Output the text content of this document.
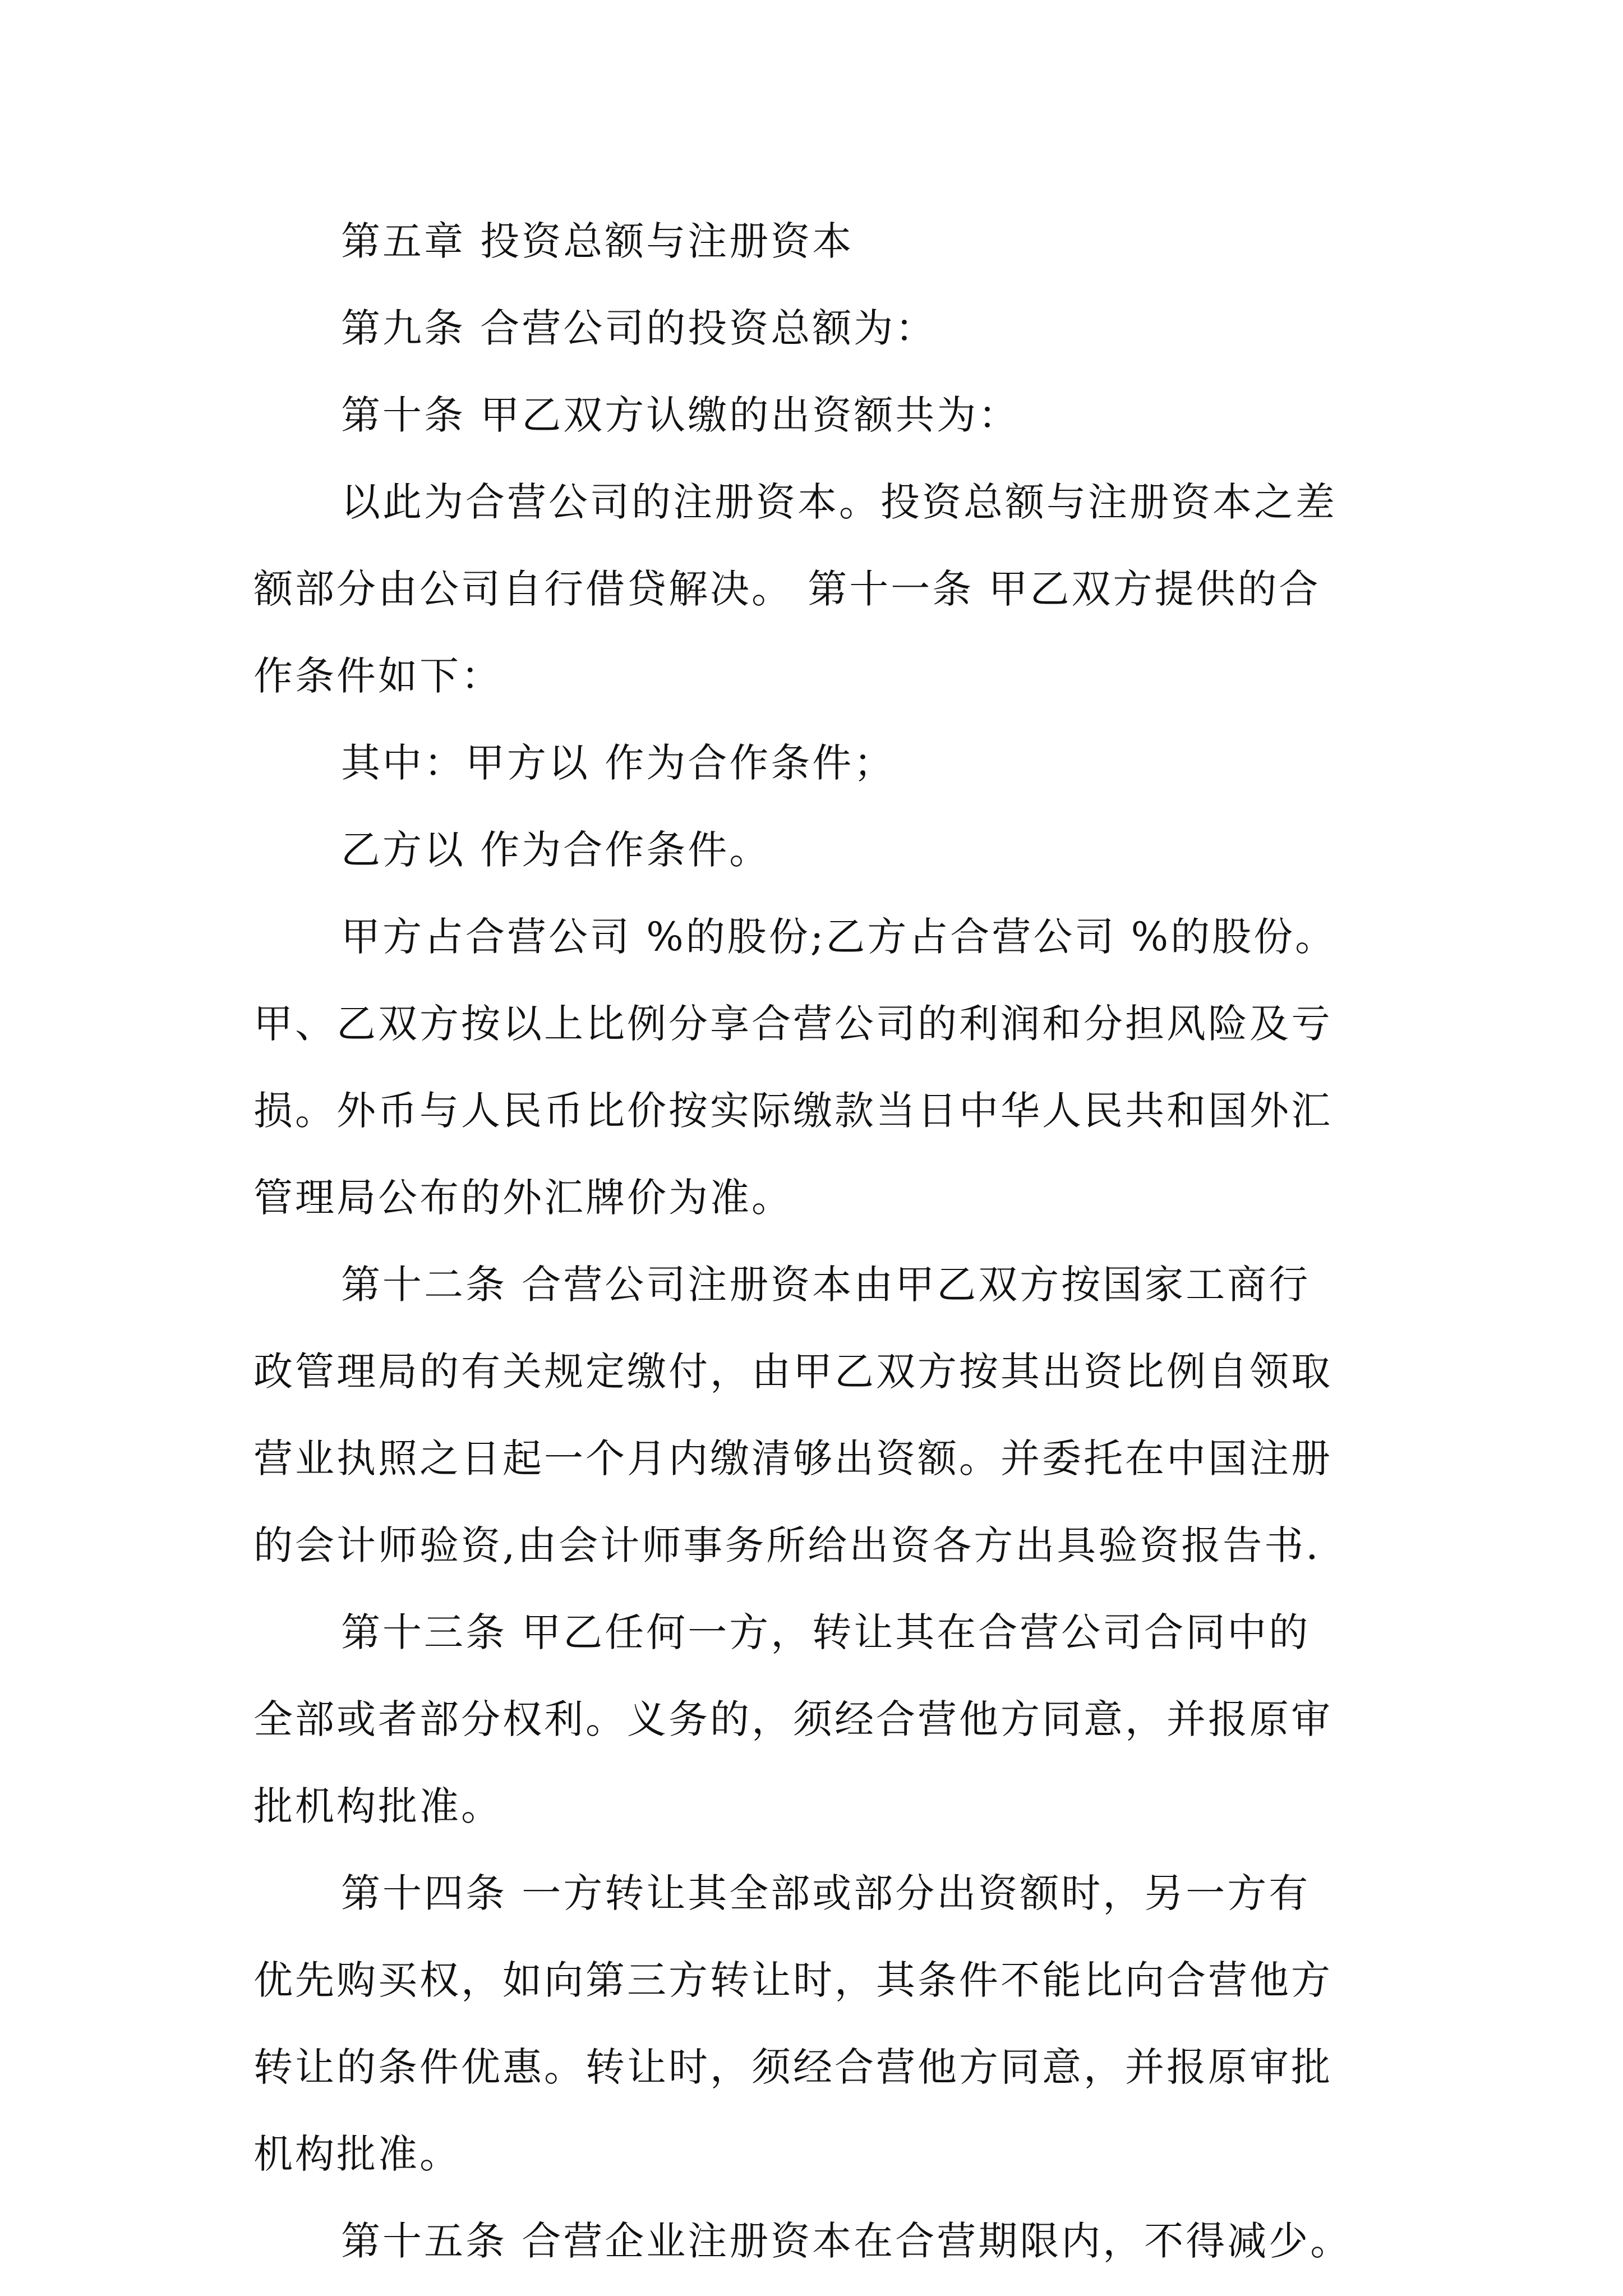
第五章 投资总额与注册资本
第九条 合营公司的投资总额为：
第十条 甲乙双方认缴的出资额共为：
以此为合营公司的注册资本。投资总额与注册资本之差
额部分由公司自行借贷解决。 第十一条 甲乙双方提供的合
作条件如下：
其中：甲方以 作为合作条件；
乙方以 作为合作条件。
甲方占合营公司 %的股份;乙方占合营公司 %的股份。
甲、乙双方按以上比例分享合营公司的利润和分担风险及亏
损。外币与人民币比价按实际缴款当日中华人民共和国外汇
管理局公布的外汇牌价为准。
第十二条 合营公司注册资本由甲乙双方按国家工商行
政管理局的有关规定缴付，由甲乙双方按其出资比例自领取
营业执照之日起一个月内缴清够出资额。并委托在中国注册
的会计师验资,由会计师事务所给出资各方出具验资报告书.
第十三条 甲乙任何一方，转让其在合营公司合同中的
全部或者部分权利。义务的，须经合营他方同意，并报原审
批机构批准。
第十四条 一方转让其全部或部分出资额时，另一方有
优先购买权，如向第三方转让时，其条件不能比向合营他方
转让的条件优惠。转让时，须经合营他方同意，并报原审批
机构批准。
第十五条 合营企业注册资本在合营期限内，不得减少。
